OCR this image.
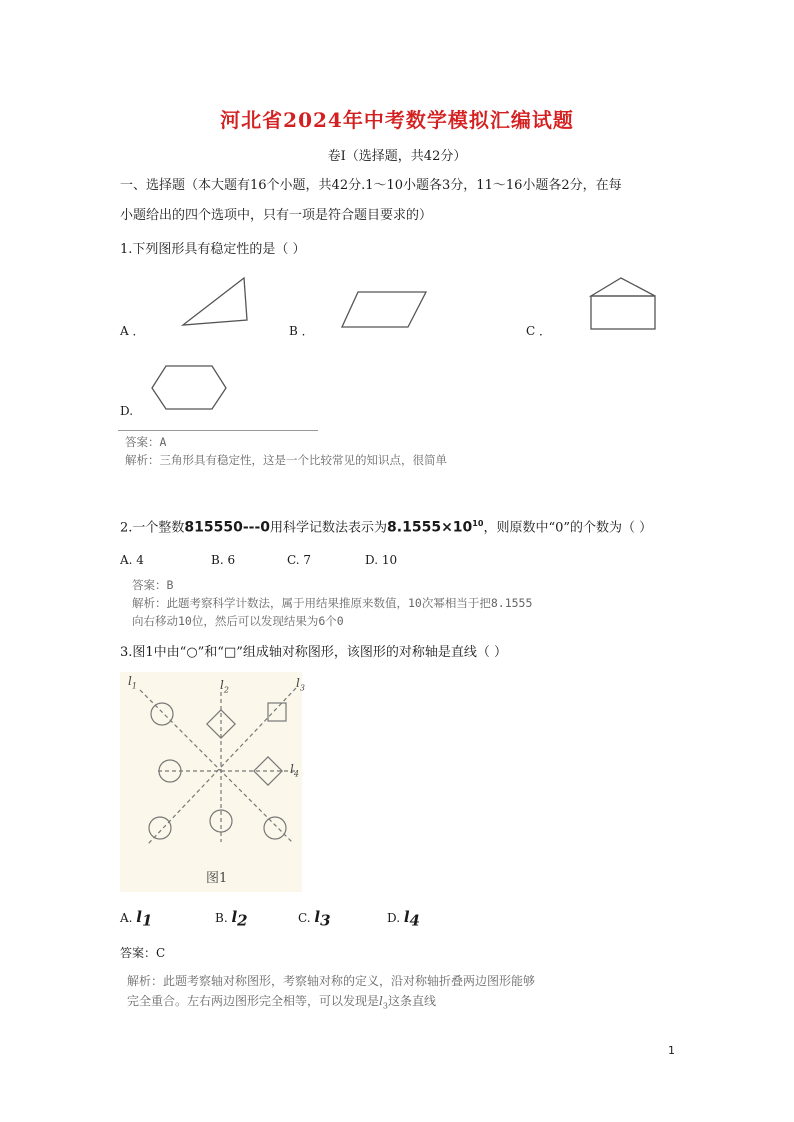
河北省2024年中考数学模拟汇编试题
卷Ⅰ（选择题，共42分）
一、选择题（本大题有16个小题，共42分.1～10小题各3分，11～16小题各2分，在每
小题给出的四个选项中，只有一项是符合题目要求的）
1.下列图形具有稳定性的是（ ）
A ．	B ．	C ．
D.
答案：A
解析：三角形具有稳定性，这是一个比较常见的知识点，很简单
2.一个整数815550---0用科学记数法表示为$8.1555\times 10^{10}$，则原数中“0”的个数为（ ）
A. 4	B. 6	C. 7	D. 10
答案：B
解析：此题考察科学计数法，属于用结果推原来数值，10次幂相当于把8.1555
向右移动10位，然后可以发现结果为6个0
3.图1中由“○”和“□”组成轴对称图形，该图形的对称轴是直线（ ）
$l_1$	$l_2$	$l_3$
$l_4$
图1
A. $l_1$	B. $l_2$	C. $l_3$	D. $l_4$
答案：C
解析：此题考察轴对称图形，考察轴对称的定义，沿对称轴折叠两边图形能够
完全重合。左右两边图形完全相等，可以发现是$l_3$这条直线
1
